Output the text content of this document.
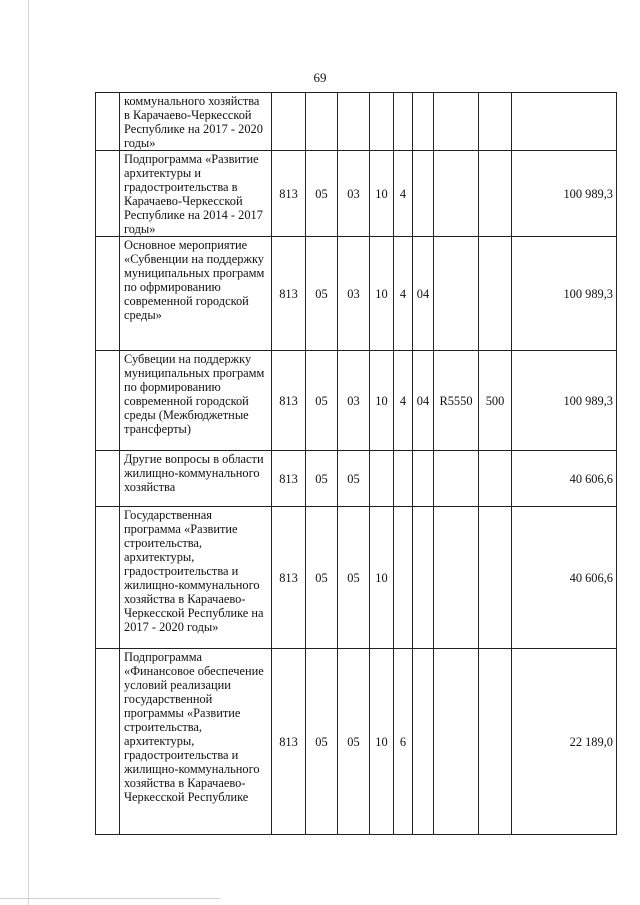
69
	коммунального хозяйства в Карачаево-Черкесской Республике на 2017 - 2020 годы»									
	Подпрограмма «Развитие архитектуры и градостроительства в Карачаево-Черкесской Республике на 2014 - 2017 годы»	813	05	03	10	4				100 989,3
	Основное мероприятие «Субвенции на поддержку муниципальных программ по офрмированию современной городской среды»	813	05	03	10	4	04			100 989,3
	Субвеции на поддержку муниципальных программ по формированию современной городской среды (Межбюджетные трансферты)	813	05	03	10	4	04	R5550	500	100 989,3
	Другие вопросы в области жилищно-коммунального хозяйства	813	05	05						40 606,6
	Государственная программа «Развитие строительства, архитектуры, градостроительства и жилищно-коммунального хозяйства в Карачаево-Черкесской Республике на 2017 - 2020 годы»	813	05	05	10					40 606,6
	Подпрограмма «Финансовое обеспечение условий реализации государственной программы «Развитие строительства, архитектуры, градостроительства и жилищно-коммунального хозяйства в Карачаево-Черкесской Республике	813	05	05	10	6				22 189,0
